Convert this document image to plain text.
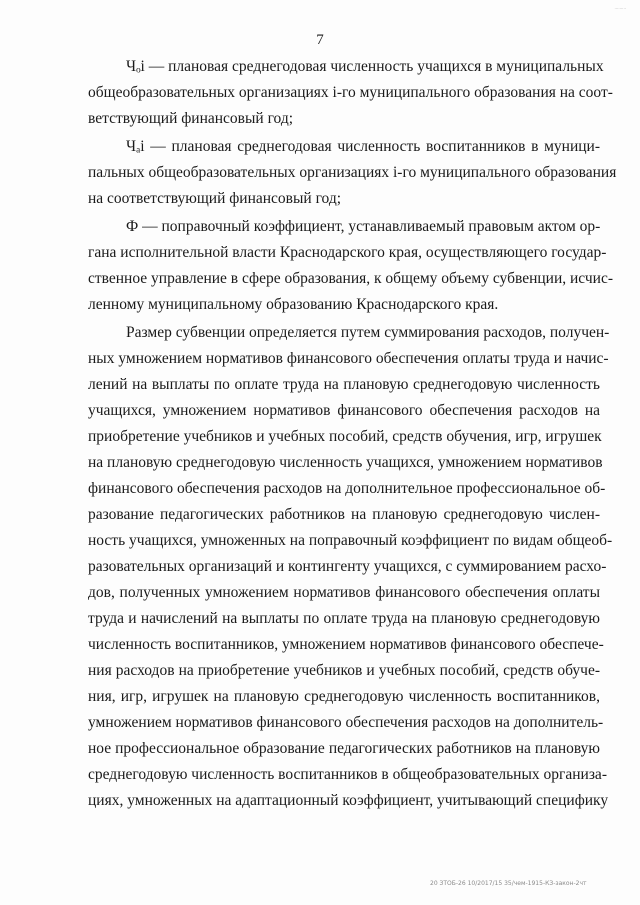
·········
7

Чₒi — плановая среднегодовая численность учащихся в муниципальных

общеобразовательных организациях i-го муниципального образования на соот-

ветствующий финансовый год;

Чₐi — плановая среднегодовая численность воспитанников в муници-

пальных общеобразовательных организациях i-го муниципального образования

на соответствующий финансовый год;

Ф — поправочный коэффициент, устанавливаемый правовым актом ор-

гана исполнительной власти Краснодарского края, осуществляющего государ-

ственное управление в сфере образования, к общему объему субвенции, исчис-

ленному муниципальному образованию Краснодарского края.

Размер субвенции определяется путем суммирования расходов, получен-

ных умножением нормативов финансового обеспечения оплаты труда и начис-

лений на выплаты по оплате труда на плановую среднегодовую численность

учащихся, умножением нормативов финансового обеспечения расходов на

приобретение учебников и учебных пособий, средств обучения, игр, игрушек

на плановую среднегодовую численность учащихся, умножением нормативов

финансового обеспечения расходов на дополнительное профессиональное об-

разование педагогических работников на плановую среднегодовую числен-

ность учащихся, умноженных на поправочный коэффициент по видам общеоб-

разовательных организаций и контингенту учащихся, с суммированием расхо-

дов, полученных умножением нормативов финансового обеспечения оплаты

труда и начислений на выплаты по оплате труда на плановую среднегодовую

численность воспитанников, умножением нормативов финансового обеспече-

ния расходов на приобретение учебников и учебных пособий, средств обуче-

ния, игр, игрушек на плановую среднегодовую численность воспитанников,

умножением нормативов финансового обеспечения расходов на дополнитель-

ное профессиональное образование педагогических работников на плановую

среднегодовую численность воспитанников в общеобразовательных организа-

циях, умноженных на адаптационный коэффициент, учитывающий специфику

20 ЗТОБ-26 10/2017/15 35/чем-1915-КЗ-закон-2чт
